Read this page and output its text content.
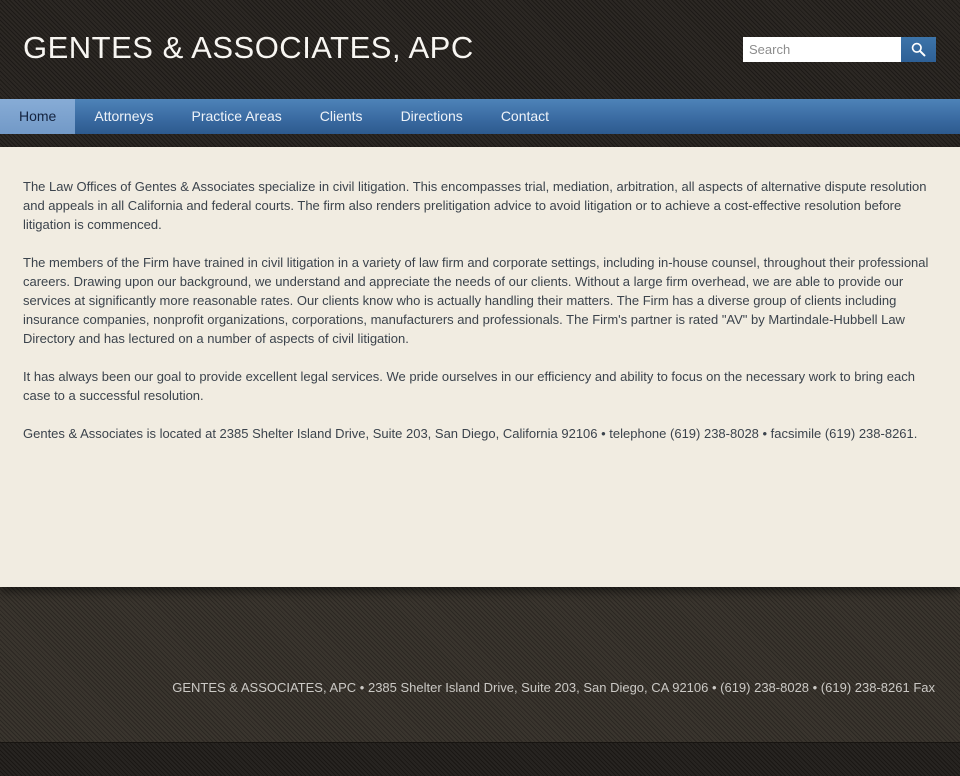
GENTES & ASSOCIATES, APC
Search
Home	Attorneys	Practice Areas	Clients	Directions	Contact

The Law Offices of Gentes & Associates specialize in civil litigation. This encompasses trial, mediation, arbitration, all aspects of alternative dispute resolution and appeals in all California and federal courts. The firm also renders prelitigation advice to avoid litigation or to achieve a cost-effective resolution before litigation is commenced.

The members of the Firm have trained in civil litigation in a variety of law firm and corporate settings, including in-house counsel, throughout their professional careers. Drawing upon our background, we understand and appreciate the needs of our clients. Without a large firm overhead, we are able to provide our services at significantly more reasonable rates. Our clients know who is actually handling their matters. The Firm has a diverse group of clients including insurance companies, nonprofit organizations, corporations, manufacturers and professionals. The Firm's partner is rated "AV" by Martindale-Hubbell Law Directory and has lectured on a number of aspects of civil litigation.

It has always been our goal to provide excellent legal services. We pride ourselves in our efficiency and ability to focus on the necessary work to bring each case to a successful resolution.

Gentes & Associates is located at 2385 Shelter Island Drive, Suite 203, San Diego, California 92106 • telephone (619) 238-8028 • facsimile (619) 238-8261.

GENTES & ASSOCIATES, APC • 2385 Shelter Island Drive, Suite 203, San Diego, CA 92106 • (619) 238-8028 • (619) 238-8261 Fax
